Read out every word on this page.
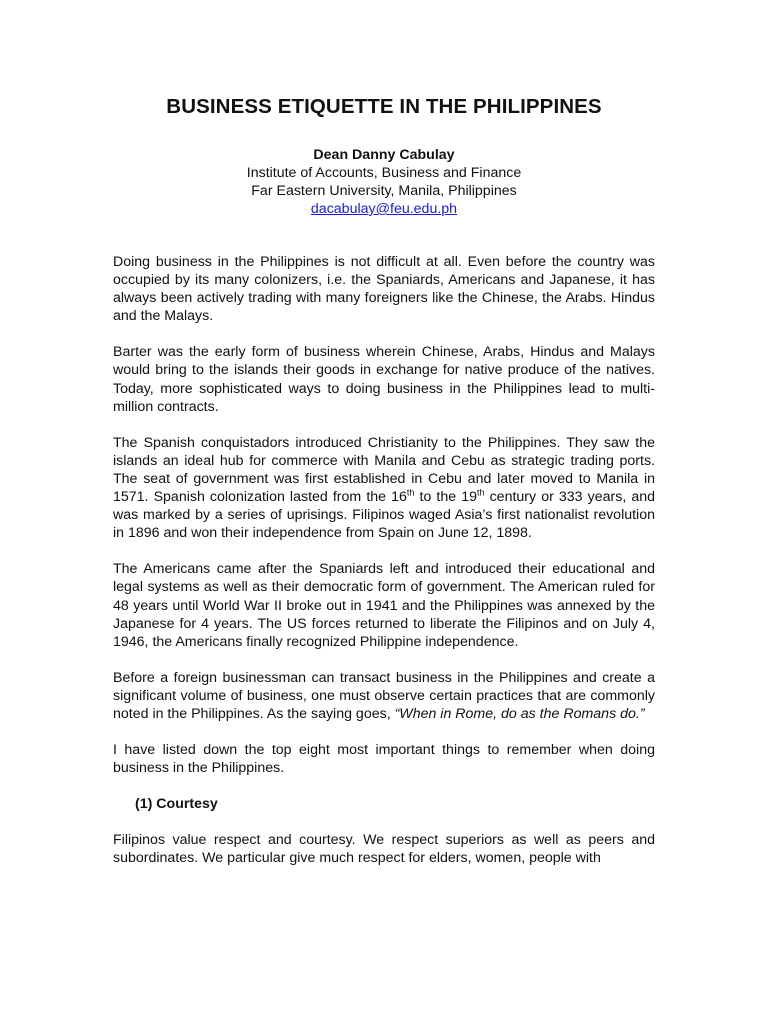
BUSINESS ETIQUETTE IN THE PHILIPPINES
Dean Danny Cabulay
Institute of Accounts, Business and Finance
Far Eastern University, Manila, Philippines
dacabulay@feu.edu.ph

Doing business in the Philippines is not difficult at all. Even before the country was occupied by its many colonizers, i.e. the Spaniards, Americans and Japanese, it has always been actively trading with many foreigners like the Chinese, the Arabs. Hindus and the Malays.

Barter was the early form of business wherein Chinese, Arabs, Hindus and Malays would bring to the islands their goods in exchange for native produce of the natives. Today, more sophisticated ways to doing business in the Philippines lead to multi-million contracts.

The Spanish conquistadors introduced Christianity to the Philippines. They saw the islands an ideal hub for commerce with Manila and Cebu as strategic trading ports. The seat of government was first established in Cebu and later moved to Manila in 1571. Spanish colonization lasted from the 16th to the 19th century or 333 years, and was marked by a series of uprisings. Filipinos waged Asia’s first nationalist revolution in 1896 and won their independence from Spain on June 12, 1898.

The Americans came after the Spaniards left and introduced their educational and legal systems as well as their democratic form of government. The American ruled for 48 years until World War II broke out in 1941 and the Philippines was annexed by the Japanese for 4 years. The US forces returned to liberate the Filipinos and on July 4, 1946, the Americans finally recognized Philippine independence.

Before a foreign businessman can transact business in the Philippines and create a significant volume of business, one must observe certain practices that are commonly noted in the Philippines. As the saying goes, “When in Rome, do as the Romans do.”

I have listed down the top eight most important things to remember when doing business in the Philippines.

(1) Courtesy

Filipinos value respect and courtesy. We respect superiors as well as peers and subordinates. We particular give much respect for elders, women, people with
